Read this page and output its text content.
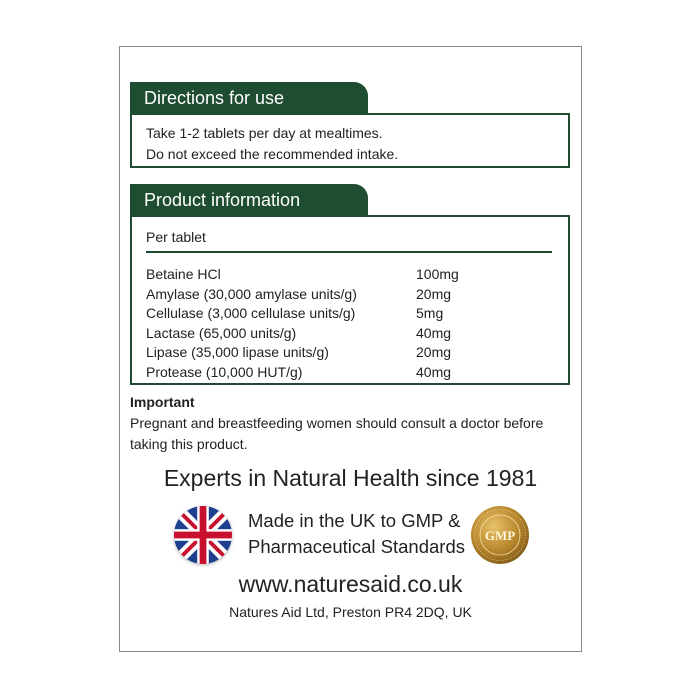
Directions for use
Take 1-2 tablets per day at mealtimes.
Do not exceed the recommended intake.
Product information
Per tablet
Betaine HCl	100mg
Amylase (30,000 amylase units/g)	20mg
Cellulase (3,000 cellulase units/g)	5mg
Lactase (65,000 units/g)	40mg
Lipase (35,000 lipase units/g)	20mg
Protease (10,000 HUT/g)	40mg
Important
Pregnant and breastfeeding women should consult a doctor before
taking this product.
Experts in Natural Health since 1981
Made in the UK to GMP &
Pharmaceutical Standards
GMP
www.naturesaid.co.uk
Natures Aid Ltd, Preston PR4 2DQ, UK
